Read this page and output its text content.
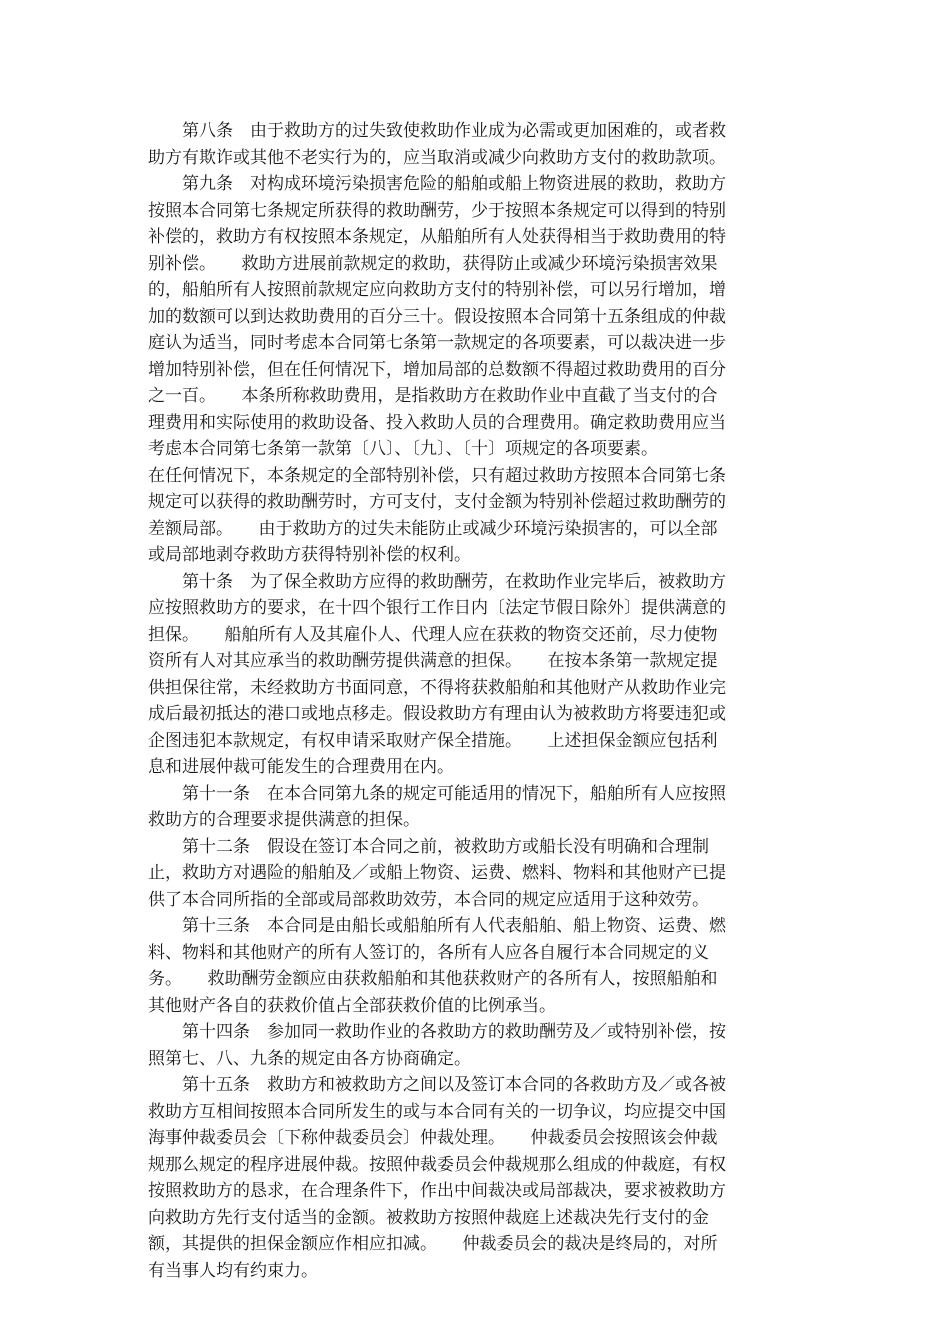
　　第八条　由于救助方的过失致使救助作业成为必需或更加困难的，或者救
助方有欺诈或其他不老实行为的，应当取消或减少向救助方支付的救助款项。
　　第九条　对构成环境污染损害危险的船舶或船上物资进展的救助，救助方
按照本合同第七条规定所获得的救助酬劳，少于按照本条规定可以得到的特别
补偿的，救助方有权按照本条规定，从船舶所有人处获得相当于救助费用的特
别补偿。　　救助方进展前款规定的救助，获得防止或减少环境污染损害效果
的，船舶所有人按照前款规定应向救助方支付的特别补偿，可以另行增加，增
加的数额可以到达救助费用的百分三十。假设按照本合同第十五条组成的仲裁
庭认为适当，同时考虑本合同第七条第一款规定的各项要素，可以裁决进一步
增加特别补偿，但在任何情况下，增加局部的总数额不得超过救助费用的百分
之一百。　　本条所称救助费用，是指救助方在救助作业中直截了当支付的合
理费用和实际使用的救助设备、投入救助人员的合理费用。确定救助费用应当
考虑本合同第七条第一款第〔八〕、〔九〕、〔十〕项规定的各项要素。
在任何情况下，本条规定的全部特别补偿，只有超过救助方按照本合同第七条
规定可以获得的救助酬劳时，方可支付，支付金额为特别补偿超过救助酬劳的
差额局部。　　由于救助方的过失未能防止或减少环境污染损害的，可以全部
或局部地剥夺救助方获得特别补偿的权利。
　　第十条　为了保全救助方应得的救助酬劳，在救助作业完毕后，被救助方
应按照救助方的要求，在十四个银行工作日内〔法定节假日除外〕提供满意的
担保。　　船舶所有人及其雇仆人、代理人应在获救的物资交还前，尽力使物
资所有人对其应承当的救助酬劳提供满意的担保。　　在按本条第一款规定提
供担保往常，未经救助方书面同意，不得将获救船舶和其他财产从救助作业完
成后最初抵达的港口或地点移走。假设救助方有理由认为被救助方将要违犯或
企图违犯本款规定，有权申请采取财产保全措施。　　上述担保金额应包括利
息和进展仲裁可能发生的合理费用在内。
　　第十一条　在本合同第九条的规定可能适用的情况下，船舶所有人应按照
救助方的合理要求提供满意的担保。
　　第十二条　假设在签订本合同之前，被救助方或船长没有明确和合理制
止，救助方对遇险的船舶及／或船上物资、运费、燃料、物料和其他财产已提
供了本合同所指的全部或局部救助效劳，本合同的规定应适用于这种效劳。
　　第十三条　本合同是由船长或船舶所有人代表船舶、船上物资、运费、燃
料、物料和其他财产的所有人签订的，各所有人应各自履行本合同规定的义
务。　　救助酬劳金额应由获救船舶和其他获救财产的各所有人，按照船舶和
其他财产各自的获救价值占全部获救价值的比例承当。
　　第十四条　参加同一救助作业的各救助方的救助酬劳及／或特别补偿，按
照第七、八、九条的规定由各方协商确定。
　　第十五条　救助方和被救助方之间以及签订本合同的各救助方及／或各被
救助方互相间按照本合同所发生的或与本合同有关的一切争议，均应提交中国
海事仲裁委员会〔下称仲裁委员会〕仲裁处理。　　仲裁委员会按照该会仲裁
规那么规定的程序进展仲裁。按照仲裁委员会仲裁规那么组成的仲裁庭，有权
按照救助方的恳求，在合理条件下，作出中间裁决或局部裁决，要求被救助方
向救助方先行支付适当的金额。被救助方按照仲裁庭上述裁决先行支付的金
额，其提供的担保金额应作相应扣减。　　仲裁委员会的裁决是终局的，对所
有当事人均有约束力。
